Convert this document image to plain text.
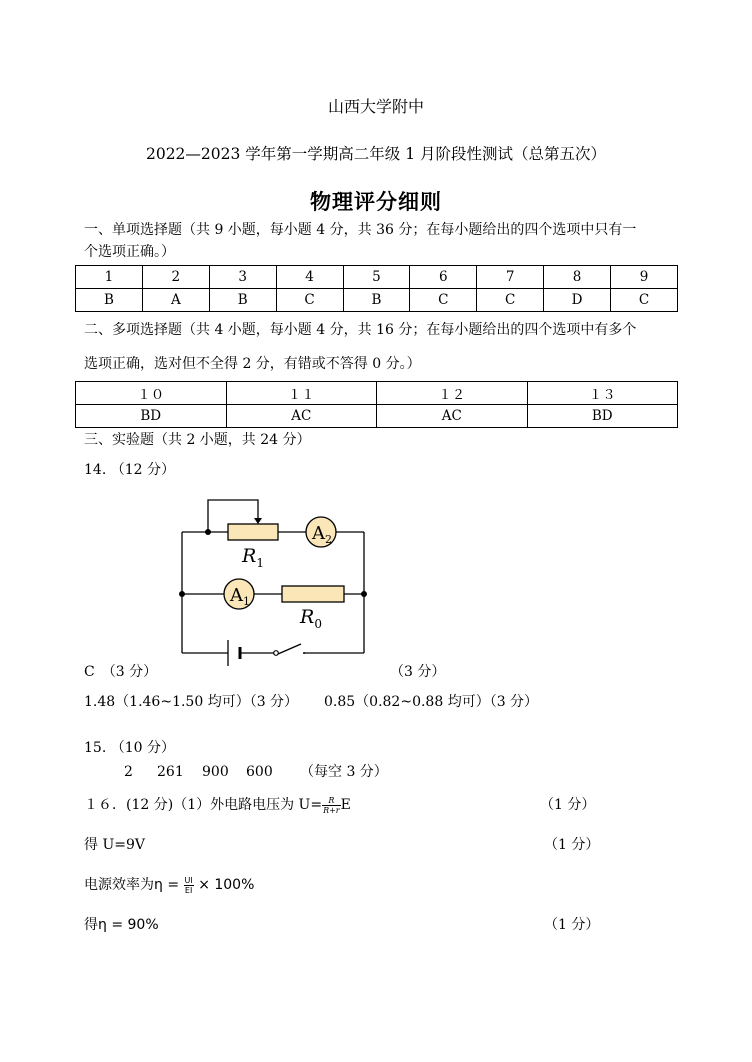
山西大学附中
2022—2023 学年第一学期高二年级 1 月阶段性测试（总第五次）
物理评分细则
一、单项选择题（共 9 小题，每小题 4 分，共 36 分；在每小题给出的四个选项中只有一
个选项正确。）
1	2	3	4	5	6	7	8	9
B	A	B	C	B	C	C	D	C
二、多项选择题（共 4 小题，每小题 4 分，共 16 分；在每小题给出的四个选项中有多个
选项正确，选对但不全得 2 分，有错或不答得 0 分。）
１０	１１	１２	１３
BD	AC	AC	BD
三、实验题（共 2 小题，共 24 分）
14. （12 分）
$A_2$
$A_1$
$R_1$
$R_0$
C　（3 分）	（3 分）
1.48（1.46~1.50 均可）（3 分） 0.85（0.82~0.88 均可）（3 分）
15. （10 分）
2 261 900 600 （每空 3 分）
１６．(12 分)（1）外电路电压为 $U= \frac{R}{R+r}$ E	（1 分）
得 U=9V	（1 分）
电源效率为$\eta = \frac{UI}{EI} \times 100\%$
得η = 90%	（1 分）
